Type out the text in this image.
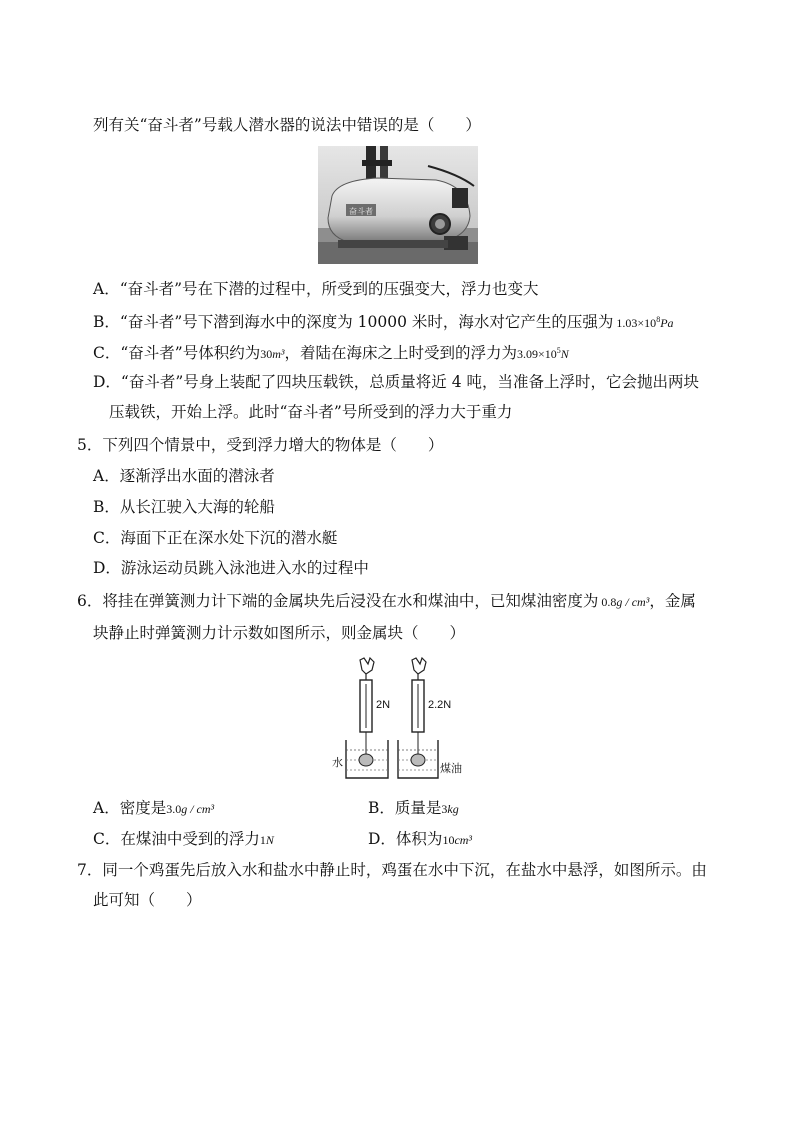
列有关“奋斗者”号载人潜水器的说法中错误的是（　　）
奋斗者
A．“奋斗者”号在下潜的过程中，所受到的压强变大，浮力也变大
B．“奋斗者”号下潜到海水中的深度为 10000 米时，海水对它产生的压强为 $1.03\times 10^8Pa$
C．“奋斗者”号体积约为30m³，着陆在海床之上时受到的浮力为$3.09\times 10^5N$
D．“奋斗者”号身上装配了四块压载铁，总质量将近 4 吨，当准备上浮时，它会抛出两块
压载铁，开始上浮。此时“奋斗者”号所受到的浮力大于重力
5．下列四个情景中，受到浮力增大的物体是（　　）
A．逐渐浮出水面的潜泳者
B．从长江驶入大海的轮船
C．海面下正在深水处下沉的潜水艇
D．游泳运动员跳入泳池进入水的过程中
6．将挂在弹簧测力计下端的金属块先后浸没在水和煤油中，已知煤油密度为 0.8g / cm³，金属
块静止时弹簧测力计示数如图所示，则金属块（　　）
2N
水
2.2N
煤油
A．密度是3.0g / cm³	B．质量是3kg
C．在煤油中受到的浮力1N	D．体积为10cm³
7．同一个鸡蛋先后放入水和盐水中静止时，鸡蛋在水中下沉，在盐水中悬浮，如图所示。由
此可知（　　）
